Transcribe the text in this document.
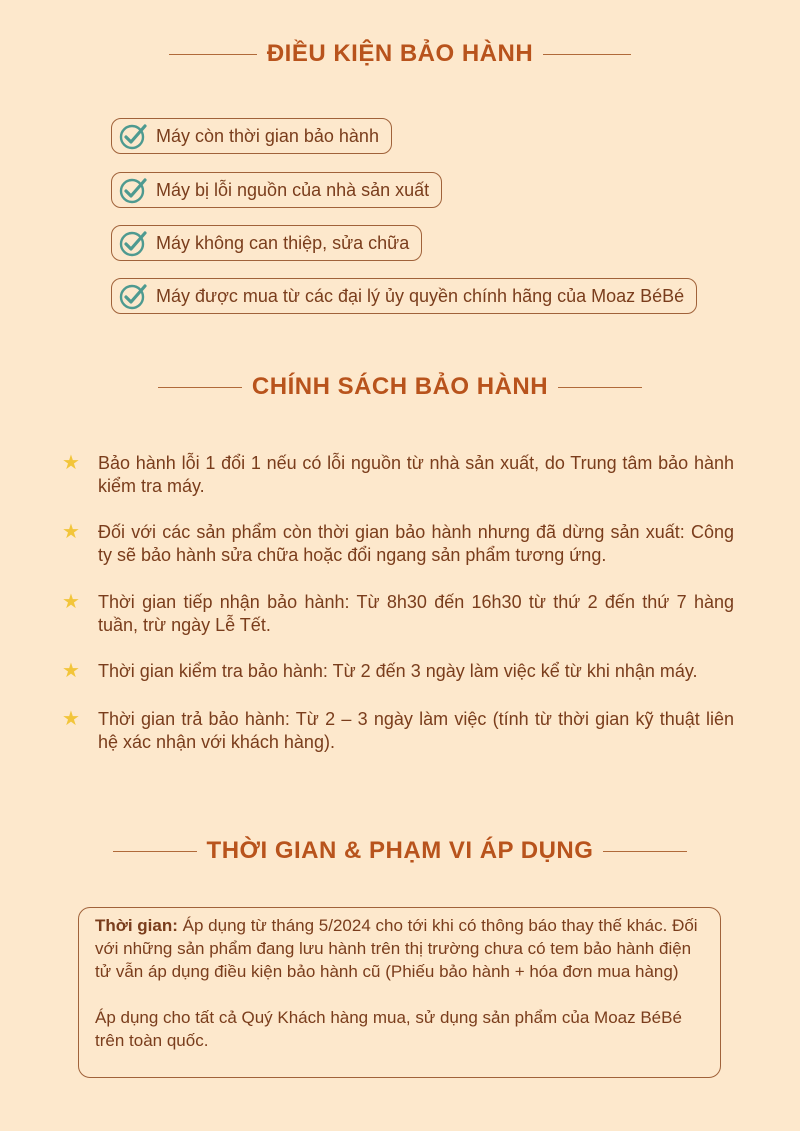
ĐIỀU KIỆN BẢO HÀNH
Máy còn thời gian bảo hành
Máy bị lỗi nguồn của nhà sản xuất
Máy không can thiệp, sửa chữa
Máy được mua từ các đại lý ủy quyền chính hãng của Moaz BéBé
CHÍNH SÁCH BẢO HÀNH
★	Bảo hành lỗi 1 đổi 1 nếu có lỗi nguồn từ nhà sản xuất, do Trung tâm bảo hành kiểm tra máy.
★	Đối với các sản phẩm còn thời gian bảo hành nhưng đã dừng sản xuất: Công ty sẽ bảo hành sửa chữa hoặc đổi ngang sản phẩm tương ứng.
★	Thời gian tiếp nhận bảo hành: Từ 8h30 đến 16h30 từ thứ 2 đến thứ 7 hàng tuần, trừ ngày Lễ Tết.
★	Thời gian kiểm tra bảo hành: Từ 2 đến 3 ngày làm việc kể từ khi nhận máy.
★	Thời gian trả bảo hành: Từ 2 – 3 ngày làm việc (tính từ thời gian kỹ thuật liên hệ xác nhận với khách hàng).
THỜI GIAN & PHẠM VI ÁP DỤNG

Thời gian: Áp dụng từ tháng 5/2024 cho tới khi có thông báo thay thế khác. Đối với những sản phẩm đang lưu hành trên thị trường chưa có tem bảo hành điện tử vẫn áp dụng điều kiện bảo hành cũ (Phiếu bảo hành + hóa đơn mua hàng)

Áp dụng cho tất cả Quý Khách hàng mua, sử dụng sản phẩm của Moaz BéBé trên toàn quốc.
